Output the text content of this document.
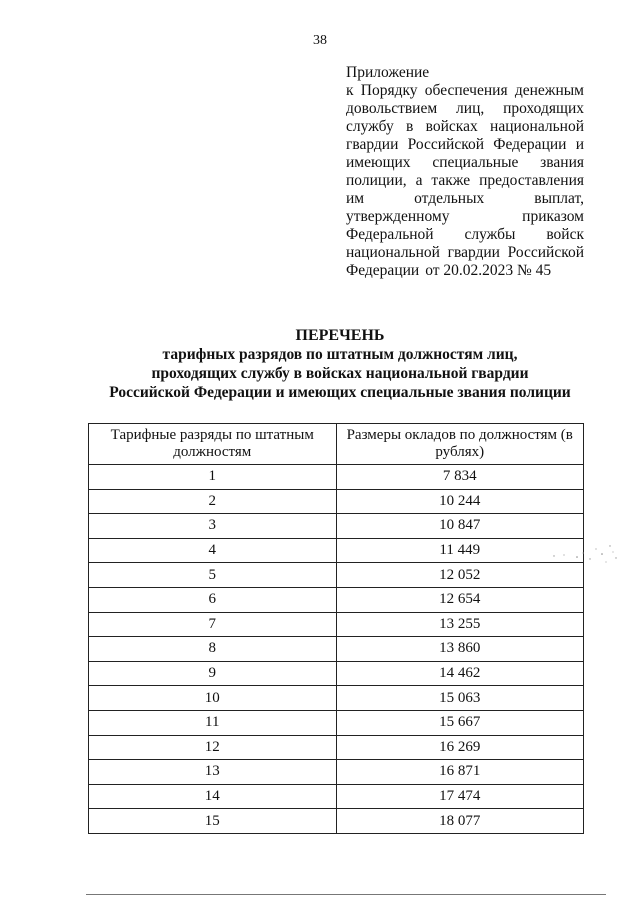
38
Приложение
к Порядку обеспечения денежным довольствием лиц, проходящих службу в войсках национальной гвардии Российской Федерации и имеющих специальные звания полиции, а также предоставления им отдельных выплат, утвержденному приказом Федеральной службы войск национальной гвардии Российской Федерации от 20.02.2023 № 45
ПЕРЕЧЕНЬ
тарифных разрядов по штатным должностям лиц,
проходящих службу в войсках национальной гвардии
Российской Федерации и имеющих специальные звания полиции
Тарифные разряды по штатным должностям	Размеры окладов по должностям (в рублях)
1	7 834
2	10 244
3	10 847
4	11 449
5	12 052
6	12 654
7	13 255
8	13 860
9	14 462
10	15 063
11	15 667
12	16 269
13	16 871
14	17 474
15	18 077
